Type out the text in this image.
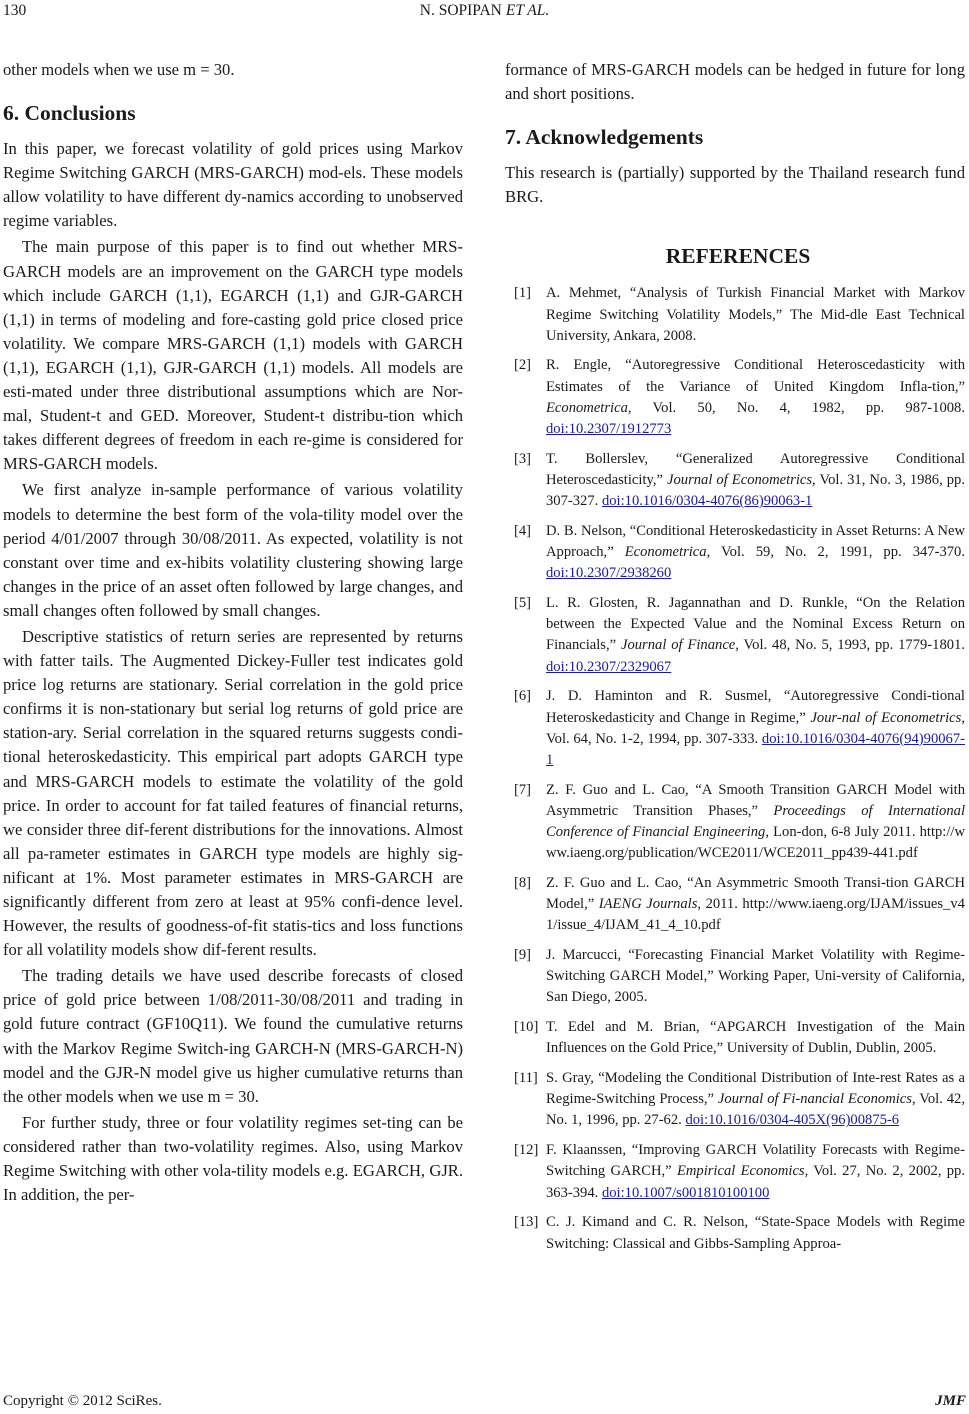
130	N. SOPIPAN ET AL.

other models when we use m = 30.

6. Conclusions

In this paper, we forecast volatility of gold prices using Markov Regime Switching GARCH (MRS-GARCH) mod-els. These models allow volatility to have different dy-namics according to unobserved regime variables.

The main purpose of this paper is to find out whether MRS-GARCH models are an improvement on the GARCH type models which include GARCH (1,1), EGARCH (1,1) and GJR-GARCH (1,1) in terms of modeling and fore-casting gold price closed price volatility. We compare MRS-GARCH (1,1) models with GARCH (1,1), EGARCH (1,1), GJR-GARCH (1,1) models. All models are esti-mated under three distributional assumptions which are Nor- mal, Student-t and GED. Moreover, Student-t distribu-tion which takes different degrees of freedom in each re-gime is considered for MRS-GARCH models.

We first analyze in-sample performance of various volatility models to determine the best form of the vola-tility model over the period 4/01/2007 through 30/08/2011. As expected, volatility is not constant over time and ex-hibits volatility clustering showing large changes in the price of an asset often followed by large changes, and small changes often followed by small changes.

Descriptive statistics of return series are represented by returns with fatter tails. The Augmented Dickey-Fuller test indicates gold price log returns are stationary. Serial correlation in the gold price confirms it is non-stationary but serial log returns of gold price are station-ary. Serial correlation in the squared returns suggests condi-tional heteroskedasticity. This empirical part adopts GARCH type and MRS-GARCH models to estimate the volatility of the gold price. In order to account for fat tailed features of financial returns, we consider three dif-ferent distributions for the innovations. Almost all pa-rameter estimates in GARCH type models are highly sig-nificant at 1%. Most parameter estimates in MRS-GARCH are significantly different from zero at least at 95% confi-dence level. However, the results of goodness-of-fit statis-tics and loss functions for all volatility models show dif-ferent results.

The trading details we have used describe forecasts of closed price of gold price between 1/08/2011-30/08/2011 and trading in gold future contract (GF10Q11). We found the cumulative returns with the Markov Regime Switch-ing GARCH-N (MRS-GARCH-N) model and the GJR-N model give us higher cumulative returns than the other models when we use m = 30.

For further study, three or four volatility regimes set-ting can be considered rather than two-volatility regimes. Also, using Markov Regime Switching with other vola-tility models e.g. EGARCH, GJR. In addition, the per-

formance of MRS-GARCH models can be hedged in future for long and short positions.

7. Acknowledgements

This research is (partially) supported by the Thailand research fund BRG.

REFERENCES
[1] A. Mehmet, “Analysis of Turkish Financial Market with Markov Regime Switching Volatility Models,” The Mid-dle East Technical University, Ankara, 2008.
[2] R. Engle, “Autoregressive Conditional Heteroscedasticity with Estimates of the Variance of United Kingdom Infla-tion,” Econometrica, Vol. 50, No. 4, 1982, pp. 987-1008. doi:10.2307/1912773
[3] T. Bollerslev, “Generalized Autoregressive Conditional Heteroscedasticity,” Journal of Econometrics, Vol. 31, No. 3, 1986, pp. 307-327. doi:10.1016/0304-4076(86)90063-1
[4] D. B. Nelson, “Conditional Heteroskedasticity in Asset Returns: A New Approach,” Econometrica, Vol. 59, No. 2, 1991, pp. 347-370. doi:10.2307/2938260
[5] L. R. Glosten, R. Jagannathan and D. Runkle, “On the Relation between the Expected Value and the Nominal Excess Return on Financials,” Journal of Finance, Vol. 48, No. 5, 1993, pp. 1779-1801. doi:10.2307/2329067
[6] J. D. Haminton and R. Susmel, “Autoregressive Condi-tional Heteroskedasticity and Change in Regime,” Jour-nal of Econometrics, Vol. 64, No. 1-2, 1994, pp. 307-333. doi:10.1016/0304-4076(94)90067-1
[7] Z. F. Guo and L. Cao, “A Smooth Transition GARCH Model with Asymmetric Transition Phases,” Proceedings of International Conference of Financial Engineering, Lon-don, 6-8 July 2011. http://www.iaeng.org/publication/WCE2011/WCE2011_pp439-441.pdf
[8] Z. F. Guo and L. Cao, “An Asymmetric Smooth Transi-tion GARCH Model,” IAENG Journals, 2011. http://www.iaeng.org/IJAM/issues_v41/issue_4/IJAM_41_4_10.pdf
[9] J. Marcucci, “Forecasting Financial Market Volatility with Regime-Switching GARCH Model,” Working Paper, Uni-versity of California, San Diego, 2005.
[10] T. Edel and M. Brian, “APGARCH Investigation of the Main Influences on the Gold Price,” University of Dublin, Dublin, 2005.
[11] S. Gray, “Modeling the Conditional Distribution of Inte-rest Rates as a Regime-Switching Process,” Journal of Fi-nancial Economics, Vol. 42, No. 1, 1996, pp. 27-62. doi:10.1016/0304-405X(96)00875-6
[12] F. Klaanssen, “Improving GARCH Volatility Forecasts with Regime-Switching GARCH,” Empirical Economics, Vol. 27, No. 2, 2002, pp. 363-394. doi:10.1007/s001810100100
[13] C. J. Kimand and C. R. Nelson, “State-Space Models with Regime Switching: Classical and Gibbs-Sampling Approa-
Copyright © 2012 SciRes.	JMF
